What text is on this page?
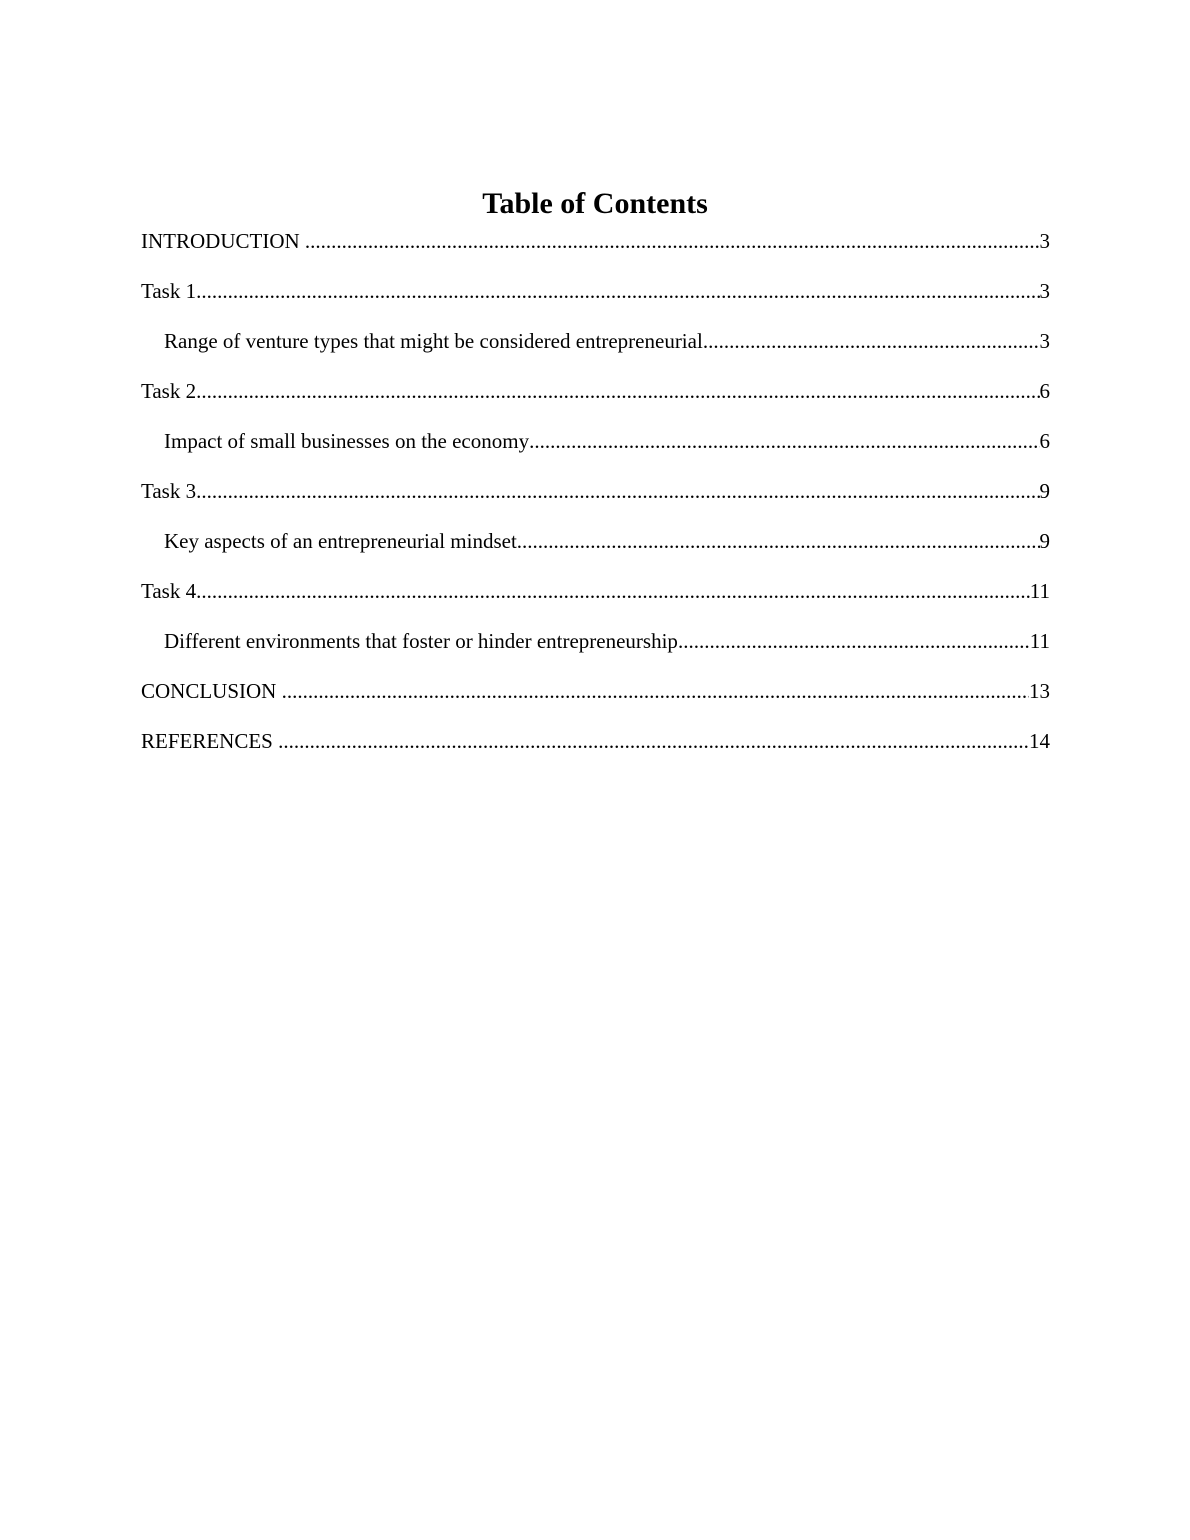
Table of Contents
INTRODUCTION .....	3
Task 1 .....	3
Range of venture types that might be considered entrepreneurial .....	3
Task 2 .....	6
Impact of small businesses on the economy .....	6
Task 3 .....	9
Key aspects of an entrepreneurial mindset .....	9
Task 4 .....	11
Different environments that foster or hinder entrepreneurship .....	11
CONCLUSION .....	13
REFERENCES .....	14
